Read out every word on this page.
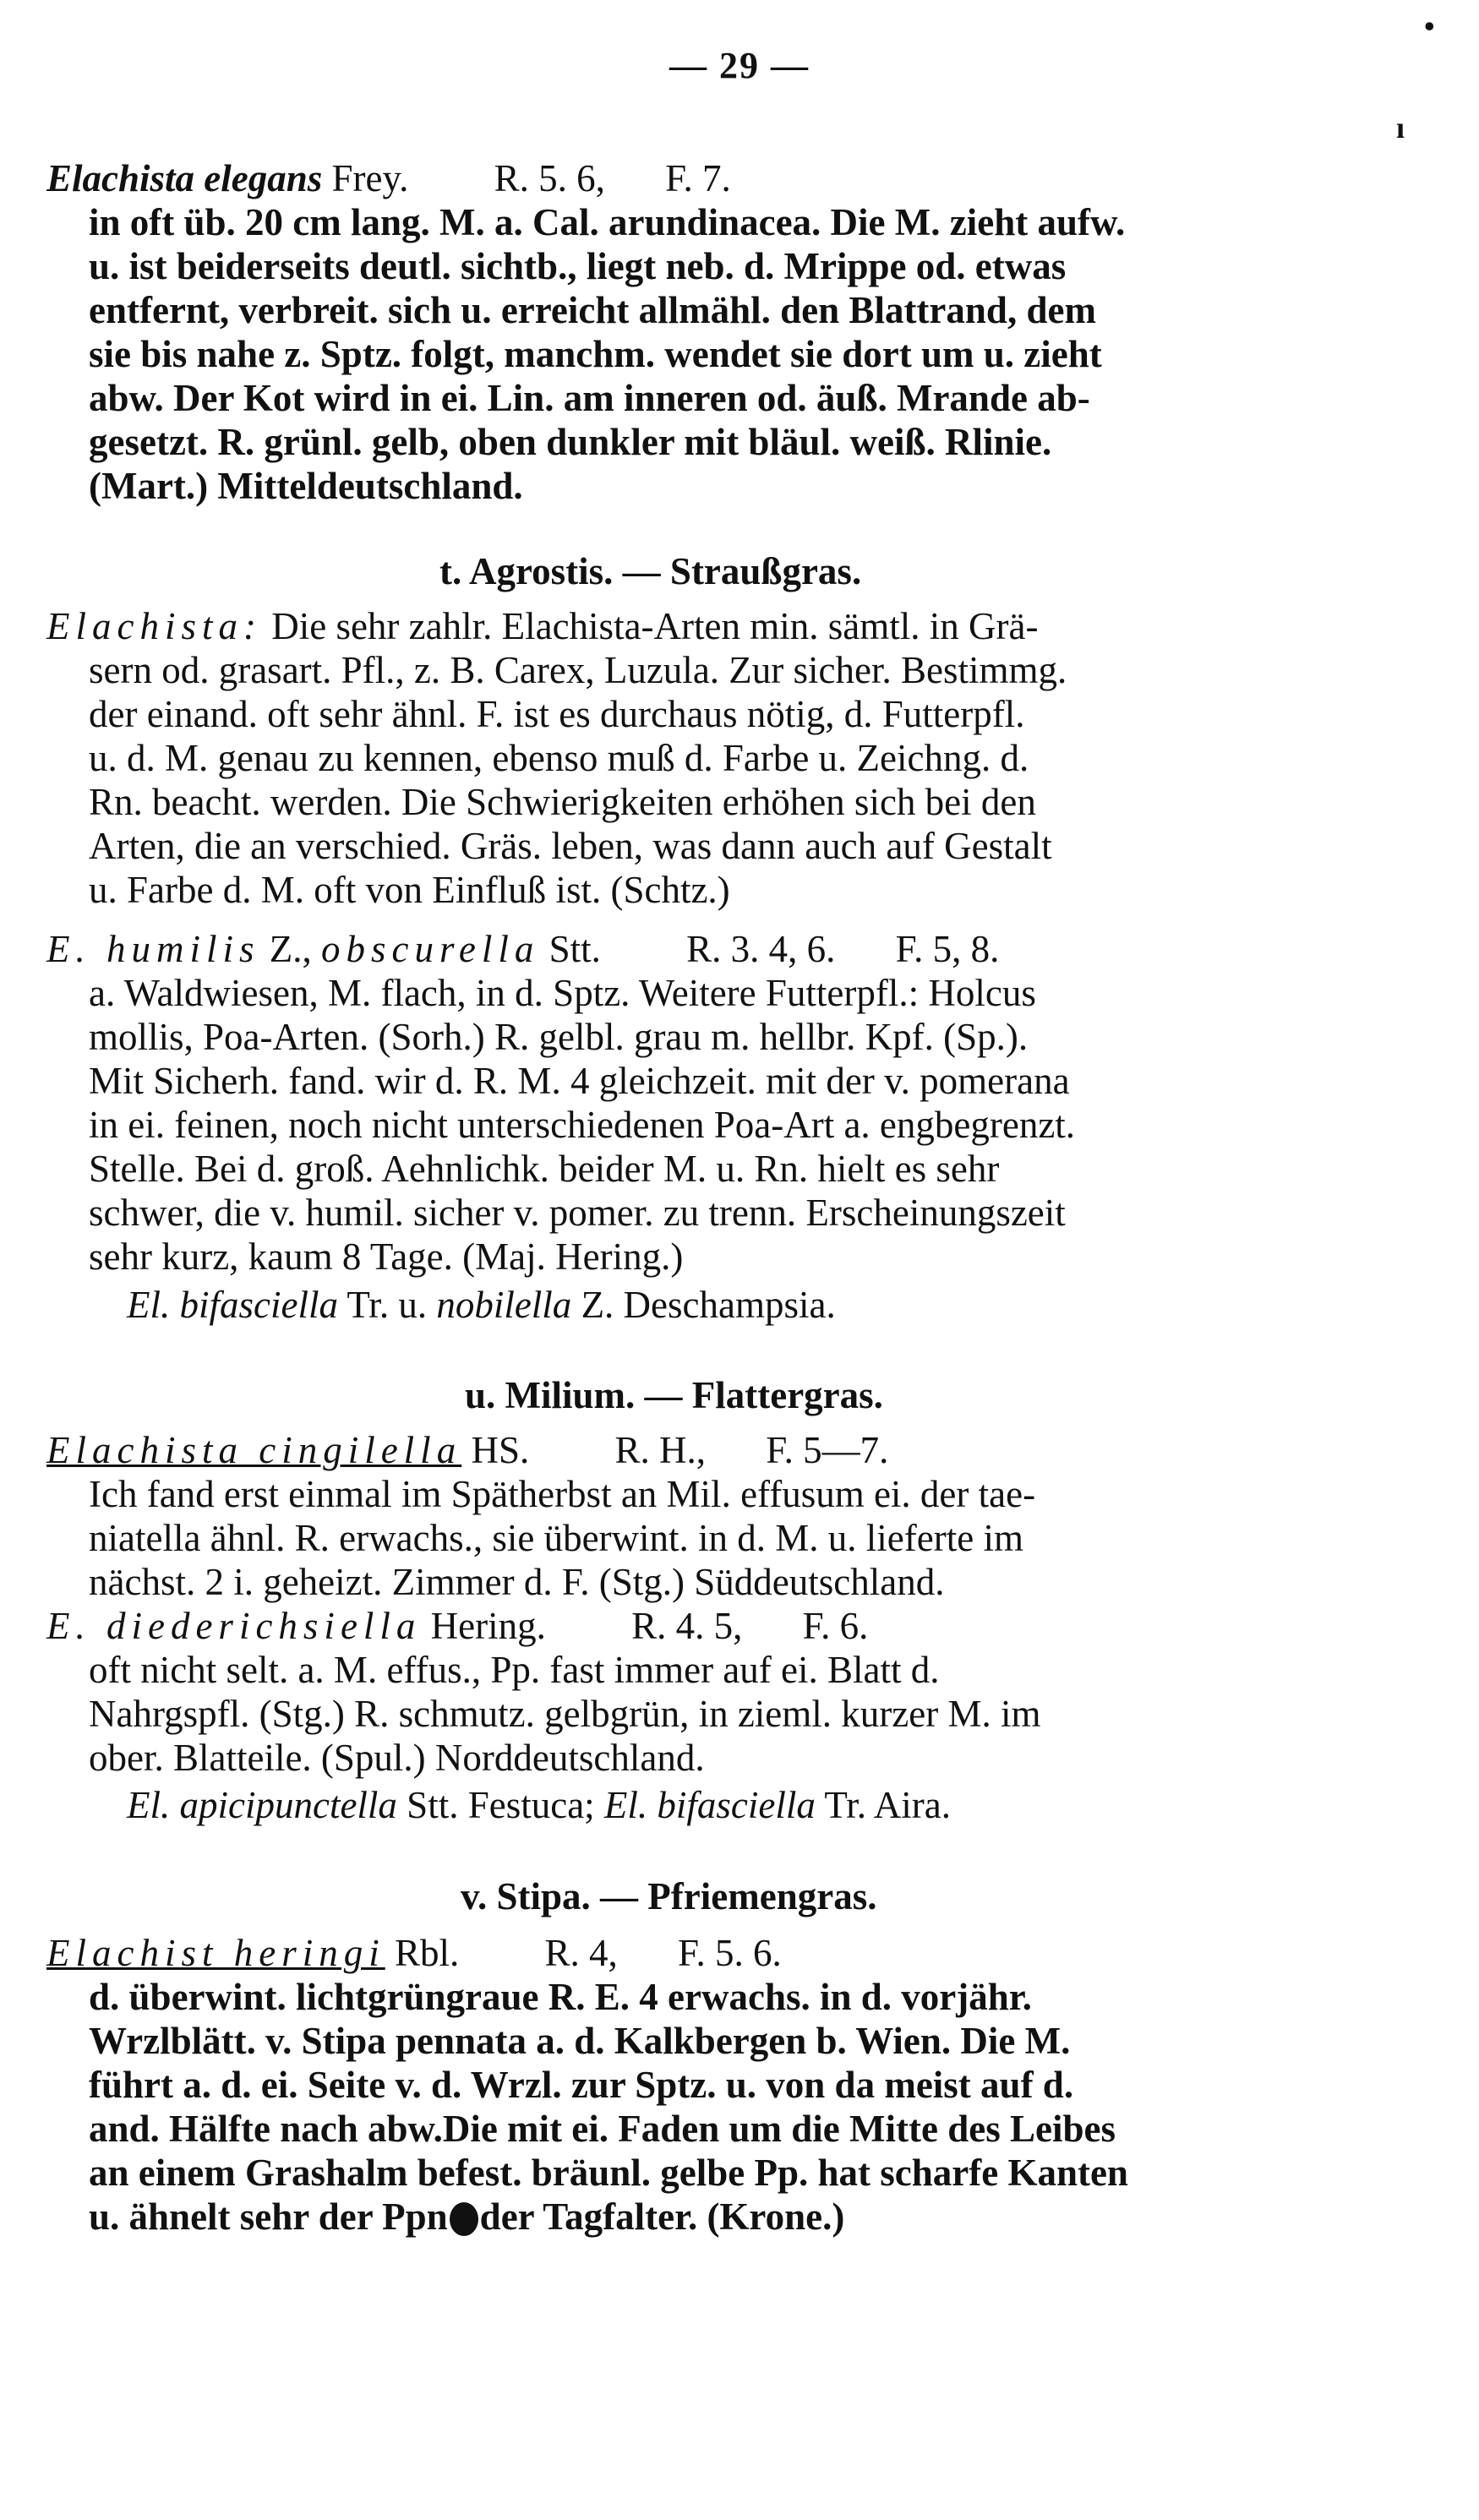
— 29 —
•
ı
Elachista elegans Frey. R. 5. 6, F. 7.
in oft üb. 20 cm lang. M. a. Cal. arundinacea. Die M. zieht aufw.
u. ist beiderseits deutl. sichtb., liegt neb. d. Mrippe od. etwas
entfernt, verbreit. sich u. erreicht allmähl. den Blattrand, dem
sie bis nahe z. Sptz. folgt, manchm. wendet sie dort um u. zieht
abw. Der Kot wird in ei. Lin. am inneren od. äuß. Mrande ab-
gesetzt. R. grünl. gelb, oben dunkler mit bläul. weiß. Rlinie.
(Mart.) Mitteldeutschland.
t. Agrostis. — Straußgras.
Elachista: Die sehr zahlr. Elachista-Arten min. sämtl. in Grä-
sern od. grasart. Pfl., z. B. Carex, Luzula. Zur sicher. Bestimmg.
der einand. oft sehr ähnl. F. ist es durchaus nötig, d. Futterpfl.
u. d. M. genau zu kennen, ebenso muß d. Farbe u. Zeichng. d.
Rn. beacht. werden. Die Schwierigkeiten erhöhen sich bei den
Arten, die an verschied. Gräs. leben, was dann auch auf Gestalt
u. Farbe d. M. oft von Einfluß ist. (Schtz.)
E. humilis Z., obscurella Stt. R. 3. 4, 6. F. 5, 8.
a. Waldwiesen, M. flach, in d. Sptz. Weitere Futterpfl.: Holcus
mollis, Poa-Arten. (Sorh.) R. gelbl. grau m. hellbr. Kpf. (Sp.).
Mit Sicherh. fand. wir d. R. M. 4 gleichzeit. mit der v. pomerana
in ei. feinen, noch nicht unterschiedenen Poa-Art a. engbegrenzt.
Stelle. Bei d. groß. Aehnlichk. beider M. u. Rn. hielt es sehr
schwer, die v. humil. sicher v. pomer. zu trenn. Erscheinungszeit
sehr kurz, kaum 8 Tage. (Maj. Hering.)
El. bifasciella Tr. u. nobilella Z. Deschampsia.
u. Milium. — Flattergras.
Elachista cingilella HS. R. H., F. 5—7.
Ich fand erst einmal im Spätherbst an Mil. effusum ei. der tae-
niatella ähnl. R. erwachs., sie überwint. in d. M. u. lieferte im
nächst. 2 i. geheizt. Zimmer d. F. (Stg.) Süddeutschland.
E. diederichsiella Hering. R. 4. 5, F. 6.
oft nicht selt. a. M. effus., Pp. fast immer auf ei. Blatt d.
Nahrgspfl. (Stg.) R. schmutz. gelbgrün, in zieml. kurzer M. im
ober. Blatteile. (Spul.) Norddeutschland.
El. apicipunctella Stt. Festuca; El. bifasciella Tr. Aira.
v. Stipa. — Pfriemengras.
Elachist heringi Rbl. R. 4, F. 5. 6.
d. überwint. lichtgrüngraue R. E. 4 erwachs. in d. vorjähr.
Wrzlblätt. v. Stipa pennata a. d. Kalkbergen b. Wien. Die M.
führt a. d. ei. Seite v. d. Wrzl. zur Sptz. u. von da meist auf d.
and. Hälfte nach abw.Die mit ei. Faden um die Mitte des Leibes
an einem Grashalm befest. bräunl. gelbe Pp. hat scharfe Kanten
u. ähnelt sehr der Ppn der Tagfalter. (Krone.)
